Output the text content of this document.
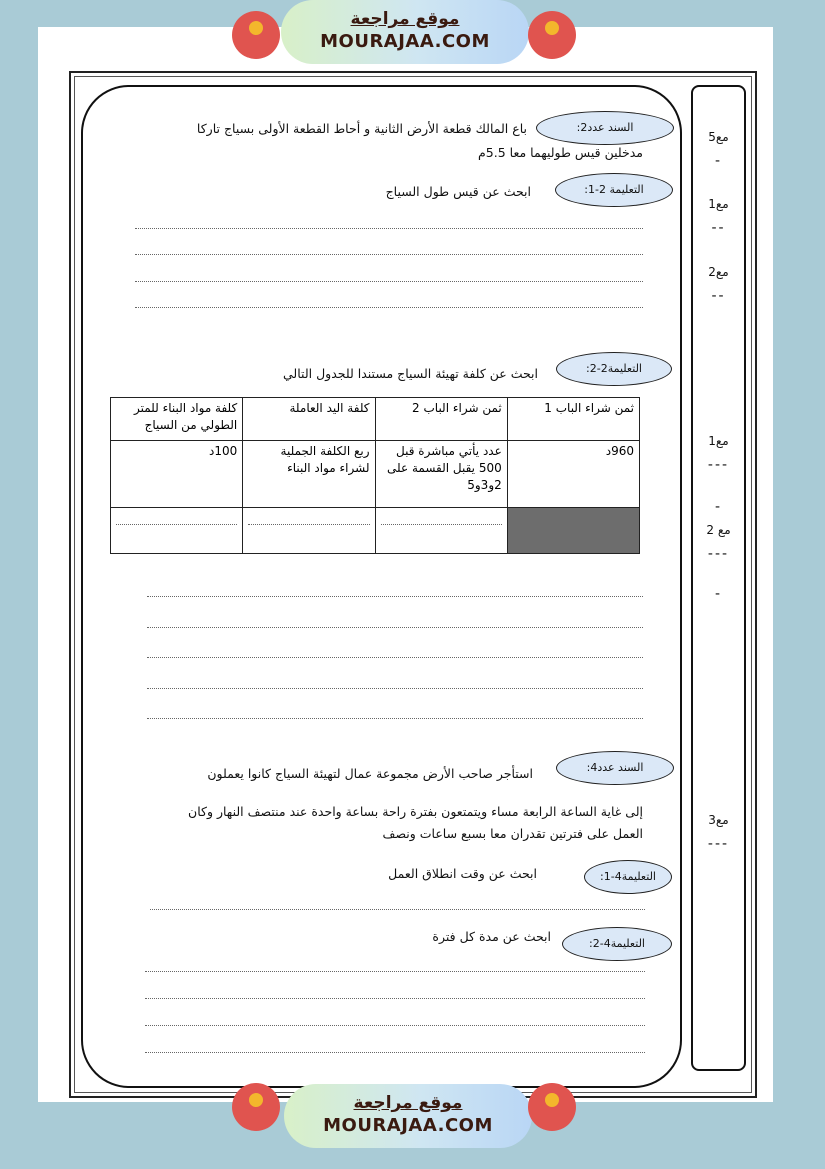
موقع مراجعة
MOURAJAA.COM
مع5
-
مع1
--
مع2
--
مع1
---
-
مع 2
---
-
مع3
---
السند عدد2:
باع المالك قطعة الأرض الثانية و أحاط القطعة الأولى بسياج تاركا
مدخلين قيس طوليهما معا 5.5م
التعليمة 2-1:
ابحث عن قيس طول السياج
التعليمة2-2:
ابحث عن كلفة تهيئة السياج مستندا للجدول التالي
ثمن شراء الباب 1	ثمن شراء الباب 2	كلفة اليد العاملة	كلفة مواد البناء للمتر الطولي من السياج
960د	عدد يأتي مباشرة قبل 500 يقبل القسمة على 2و3و5	ربع الكلفة الجملية لشراء مواد البناء	100د

السند عدد4:
استأجر صاحب الأرض مجموعة عمال لتهيئة السياج كانوا يعملون
إلى غاية الساعة الرابعة مساء ويتمتعون بفترة راحة بساعة واحدة عند منتصف النهار وكان
العمل على فترتين تقدران معا بسبع ساعات ونصف
التعليمة4-1:
ابحث عن وقت انطلاق العمل
التعليمة4-2:
ابحث عن مدة كل فترة
موقع مراجعة
MOURAJAA.COM
